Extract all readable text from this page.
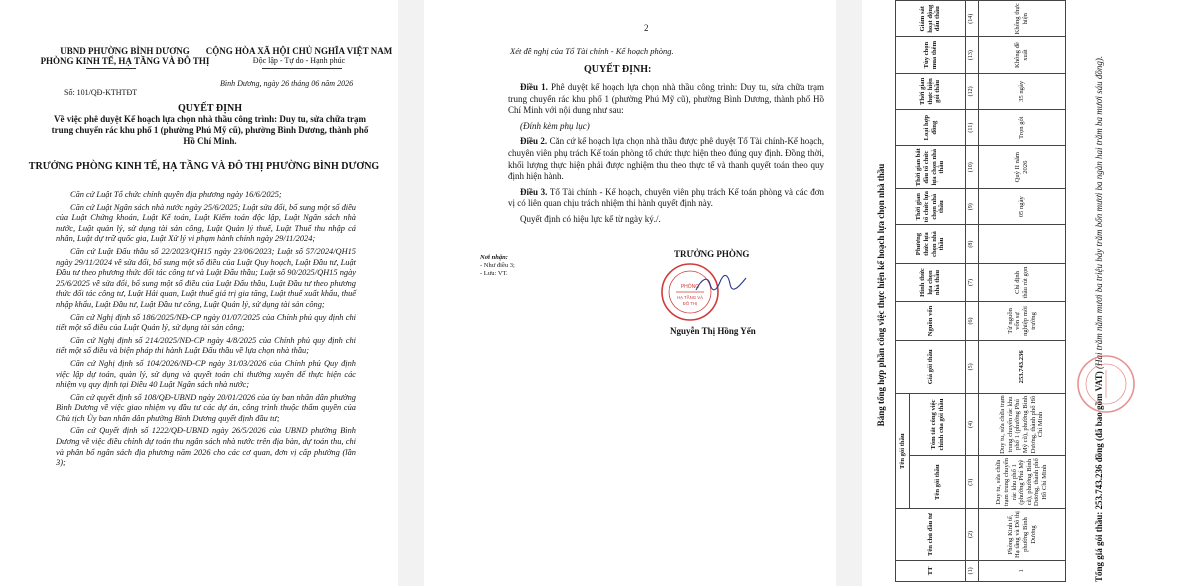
UBND PHƯỜNG BÌNH DƯƠNG
PHÒNG KINH TẾ, HẠ TẦNG VÀ ĐÔ THỊ
CỘNG HÒA XÃ HỘI CHỦ NGHĨA VIỆT NAM
Độc lập - Tự do - Hạnh phúc
Số: 101/QĐ-KTHTĐT
Bình Dương, ngày 26 tháng 06 năm 2026
QUYẾT ĐỊNH
Về việc phê duyệt Kế hoạch lựa chọn nhà thầu công trình: Duy tu, sửa chữa trạm trung chuyển rác khu phố 1 (phường Phú Mỹ cũ), phường Bình Dương, thành phố Hồ Chí Minh.
TRƯỞNG PHÒNG KINH TẾ, HẠ TẦNG VÀ ĐÔ THỊ PHƯỜNG BÌNH DƯƠNG

Căn cứ Luật Tổ chức chính quyền địa phương ngày 16/6/2025;

Căn cứ Luật Ngân sách nhà nước ngày 25/6/2025; Luật sửa đổi, bổ sung một số điều của Luật Chứng khoán, Luật Kế toán, Luật Kiểm toán độc lập, Luật Ngân sách nhà nước, Luật quản lý, sử dụng tài sản công, Luật Quản lý thuế, Luật Thuế thu nhập cá nhân, Luật dự trữ quốc gia, Luật Xử lý vi phạm hành chính ngày 29/11/2024;

Căn cứ Luật Đấu thầu số 22/2023/QH15 ngày 23/06/2023; Luật số 57/2024/QH15 ngày 29/11/2024 về sửa đổi, bổ sung một số điều của Luật Quy hoạch, Luật Đầu tư, Luật Đầu tư theo phương thức đối tác công tư và Luật Đấu thầu; Luật số 90/2025/QH15 ngày 25/6/2025 về sửa đổi, bổ sung một số điều của Luật Đấu thầu, Luật Đầu tư theo phương thức đối tác công tư, Luật Hải quan, Luật thuế giá trị gia tăng, Luật thuế xuất khẩu, thuế nhập khẩu, Luật Đầu tư, Luật Đầu tư công, Luật Quản lý, sử dụng tài sản công;

Căn cứ Nghị định số 186/2025/NĐ-CP ngày 01/07/2025 của Chính phủ quy định chi tiết một số điều của Luật Quản lý, sử dụng tài sản công;

Căn cứ Nghị định số 214/2025/NĐ-CP ngày 4/8/2025 của Chính phủ quy định chi tiết một số điều và biện pháp thi hành Luật Đấu thầu về lựa chọn nhà thầu;

Căn cứ Nghị định số 104/2026/NĐ-CP ngày 31/03/2026 của Chính phủ Quy định việc lập dự toán, quản lý, sử dụng và quyết toán chi thường xuyên để thực hiện các nhiệm vụ quy định tại Điều 40 Luật Ngân sách nhà nước;

Căn cứ quyết định số 108/QĐ-UBND ngày 20/01/2026 của ủy ban nhân dân phường Bình Dương về việc giao nhiệm vụ đầu tư các dự án, công trình thuộc thẩm quyền của Chủ tịch Ủy ban nhân dân phường Bình Dương quyết định đầu tư;

Căn cứ Quyết định số 1222/QĐ-UBND ngày 26/5/2026 của UBND phường Bình Dương về việc điều chỉnh dự toán thu ngân sách nhà nước trên địa bàn, dự toán thu, chi và phân bổ ngân sách địa phương năm 2026 cho các cơ quan, đơn vị cấp phường (lần 3);

2
Xét đề nghị của Tổ Tài chính - Kế hoạch phòng.
QUYẾT ĐỊNH:

Điều 1. Phê duyệt kế hoạch lựa chọn nhà thầu công trình: Duy tu, sửa chữa trạm trung chuyển rác khu phố 1 (phường Phú Mỹ cũ), phường Bình Dương, thành phố Hồ Chí Minh với nội dung như sau:

(Đính kèm phụ lục)

Điều 2. Căn cứ kế hoạch lựa chọn nhà thầu được phê duyệt Tổ Tài chính-Kế hoạch, chuyên viên phụ trách Kế toán phòng tổ chức thực hiện theo đúng quy định. Đồng thời, khối lượng thực hiện phải được nghiệm thu theo thực tế và thanh quyết toán theo quy định hiện hành.

Điều 3. Tổ Tài chính - Kế hoạch, chuyên viên phụ trách Kế toán phòng và các đơn vị có liên quan chịu trách nhiệm thi hành quyết định này.

Quyết định có hiệu lực kể từ ngày ký./.

Nơi nhận:
- Như điều 3;
- Lưu: VT.
TRƯỞNG PHÒNG
PHÒNG
HẠ TẦNG VÀ
ĐÔ THỊ
Nguyễn Thị Hồng Yến	Bảng tổng hợp phần công việc thực hiện kế hoạch lựa chọn nhà thầu
TT	Tên chủ đầu tư	Tên gói thầu		Giá gói thầu	Nguồn vốn	Hình thức lựa chọn nhà thầu	Phương thức lựa chọn nhà thầu	Thời gian tổ chức lựa chọn nhà thầu	Thời gian bắt đầu tổ chức lựa chọn nhà thầu	Loại hợp đồng	Thời gian thực hiện gói thầu	Tùy chọn mua thêm	Giám sát hoạt động đấu thầu
		Tên gói thầu	Tóm tắt công việc chính của gói thầu										
(1)	(2)	(3)	(4)	(5)	(6)	(7)	(8)	(9)	(10)	(11)	(12)	(13)	(14)
1	Phòng Kinh tế, Hạ tầng và Đô thị phường Bình Dương	Duy tu, sửa chữa trạm trung chuyển rác khu phố 1 (phường Phú Mỹ cũ), phường Bình Dương, thành phố Hồ Chí Minh	Duy tu, sửa chữa trạm trung chuyển rác khu phố 1 (phường Phú Mỹ cũ), phường Bình Dương, thành phố Hồ Chí Minh	253.743.236	Từ nguồn vốn sự nghiệp môi trường	Chỉ định thầu rút gọn		05 ngày	Quý II năm 2026	Trọn gói	35 ngày	Không đề xuất	Không thực hiện
Tổng giá gói thầu: 253.743.236 đồng (đã bao gồm VAT) (Hai trăm năm mươi ba triệu bảy trăm bốn mươi ba ngàn hai trăm ba mươi sáu đồng).
